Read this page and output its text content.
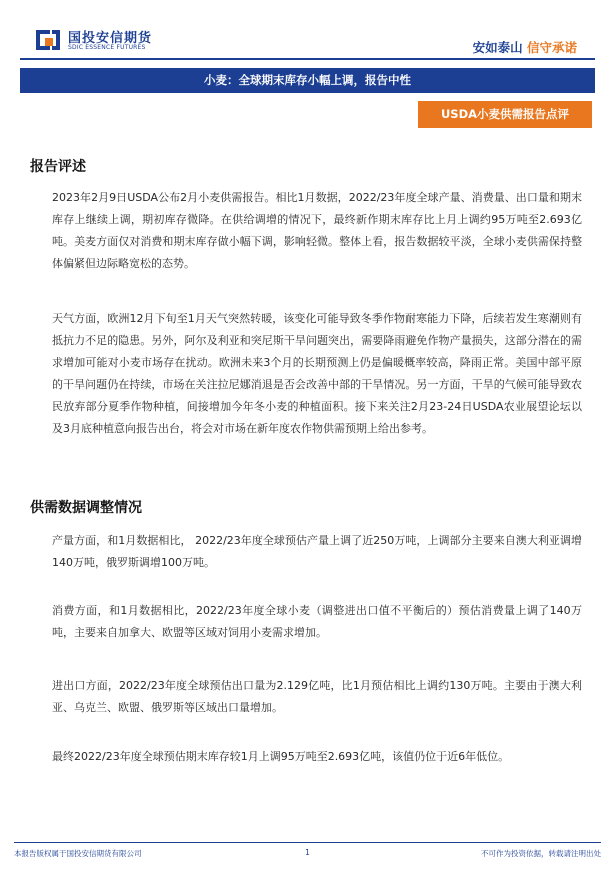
国投安信期货
SDIC ESSENCE FUTURES	安如泰山 信守承诺
小麦：全球期末库存小幅上调，报告中性
USDA小麦供需报告点评
报告评述

2023年2月9日USDA公布2月小麦供需报告。相比1月数据，2022/23年度全球产量、消费量、出口量和期末库存上继续上调，期初库存微降。在供给调增的情况下，最终新作期末库存比上月上调约95万吨至2.693亿吨。美麦方面仅对消费和期末库存做小幅下调，影响轻微。整体上看，报告数据较平淡，全球小麦供需保持整体偏紧但边际略宽松的态势。

天气方面，欧洲12月下旬至1月天气突然转暖，该变化可能导致冬季作物耐寒能力下降，后续若发生寒潮则有抵抗力不足的隐患。另外，阿尔及利亚和突尼斯干旱问题突出，需要降雨避免作物产量损失，这部分潜在的需求增加可能对小麦市场存在扰动。欧洲未来3个月的长期预测上仍是偏暖概率较高，降雨正常。美国中部平原的干旱问题仍在持续，市场在关注拉尼娜消退是否会改善中部的干旱情况。另一方面，干旱的气候可能导致农民放弃部分夏季作物种植，间接增加今年冬小麦的种植面积。接下来关注2月23-24日USDA农业展望论坛以及3月底种植意向报告出台，将会对市场在新年度农作物供需预期上给出参考。

供需数据调整情况

产量方面，和1月数据相比， 2022/23年度全球预估产量上调了近250万吨，上调部分主要来自澳大利亚调增140万吨，俄罗斯调增100万吨。

消费方面，和1月数据相比，2022/23年度全球小麦（调整进出口值不平衡后的）预估消费量上调了140万吨，主要来自加拿大、欧盟等区域对饲用小麦需求增加。

进出口方面，2022/23年度全球预估出口量为2.129亿吨，比1月预估相比上调约130万吨。主要由于澳大利亚、乌克兰、欧盟、俄罗斯等区域出口量增加。

最终2022/23年度全球预估期末库存较1月上调95万吨至2.693亿吨，该值仍位于近6年低位。

本报告版权属于国投安信期货有限公司	1	不可作为投资依据，转载请注明出处
